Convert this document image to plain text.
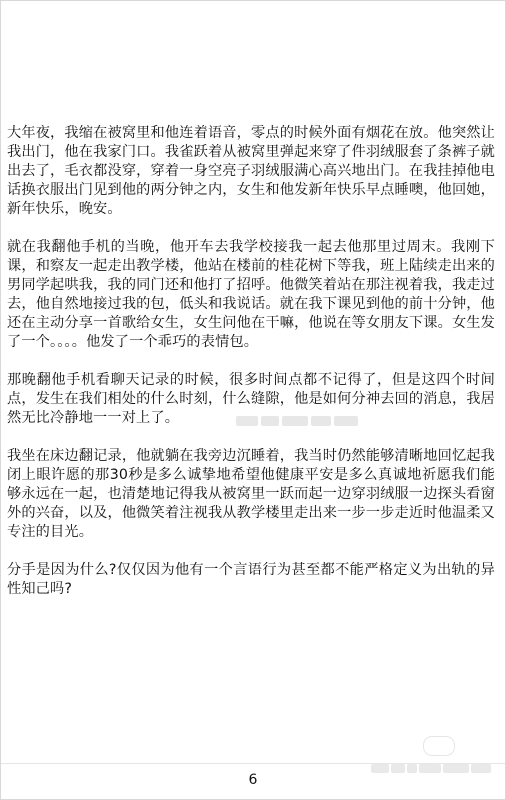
大年夜，我缩在被窝里和他连着语音，零点的时候外面有烟花在放。他突然让我出门，他在我家门口。我雀跃着从被窝里弹起来穿了件羽绒服套了条裤子就出去了，毛衣都没穿，穿着一身空亮子羽绒服满心高兴地出门。在我挂掉他电话换衣服出门见到他的两分钟之内，女生和他发新年快乐早点睡噢，他回她，新年快乐，晚安。

就在我翻他手机的当晚，他开车去我学校接我一起去他那里过周末。我刚下课，和察友一起走出教学楼，他站在楼前的桂花树下等我，班上陆续走出来的男同学起哄我，我的同门还和他打了招呼。他微笑着站在那注视着我，我走过去，他自然地接过我的包，低头和我说话。就在我下课见到他的前十分钟，他还在主动分享一首歌给女生，女生问他在干嘛，他说在等女朋友下课。女生发了一个。。。。他发了一个乖巧的表情包。

那晚翻他手机看聊天记录的时候，很多时间点都不记得了，但是这四个时间点，发生在我们相处的什么时刻，什么缝隙，他是如何分神去回的消息，我居然无比冷静地一一对上了。

我坐在床边翻记录，他就躺在我旁边沉睡着，我当时仍然能够清晰地回忆起我闭上眼许愿的那30秒是多么诚挚地希望他健康平安是多么真诚地祈愿我们能够永远在一起，也清楚地记得我从被窝里一跃而起一边穿羽绒服一边探头看窗外的兴奋，以及，他微笑着注视我从教学楼里走出来一步一步走近时他温柔又专注的目光。

分手是因为什么?仅仅因为他有一个言语行为甚至都不能严格定义为出轨的异性知己吗?

6
